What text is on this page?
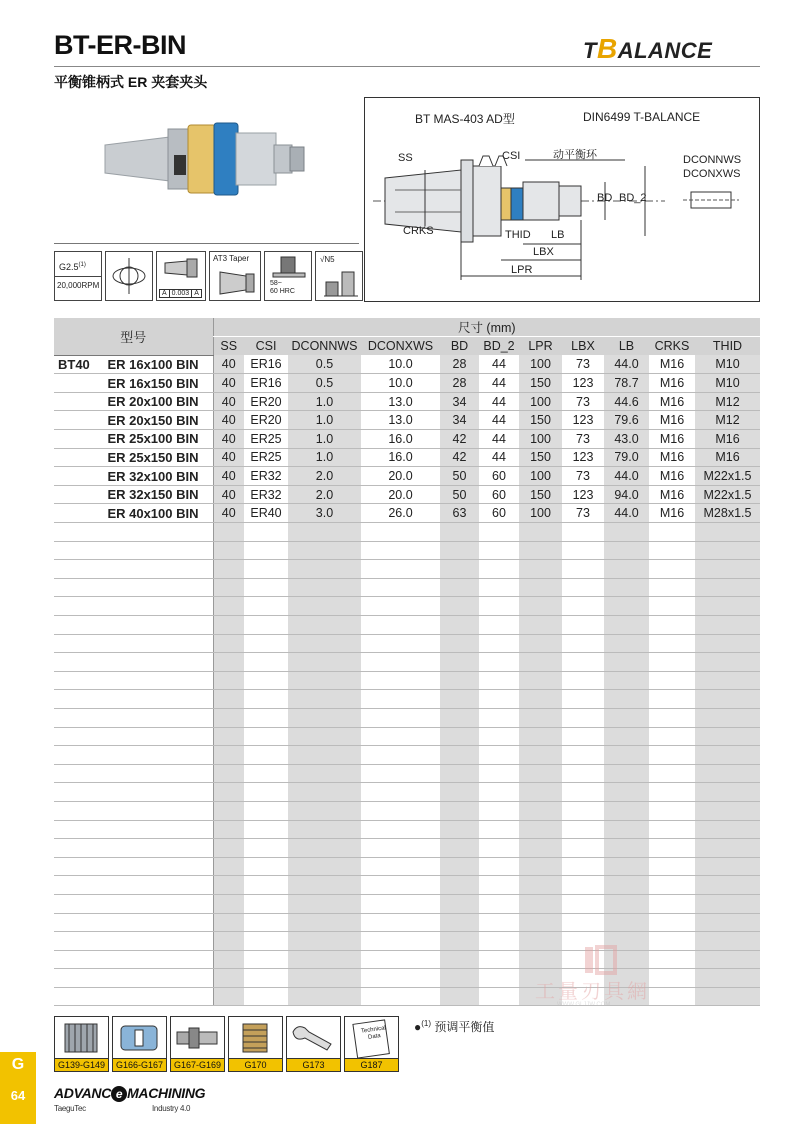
BT-ER-BIN	TBALANCE
平衡锥柄式 ER 夹套夹头
G2.5$^{(1)}$
20,000RPM
A 0.003 A
AT3 Taper
58~
60 HRC
√N5
BT MAS-403 AD型	DIN6499 T-BALANCE
SS	CSI	动平衡环
BD BD_2
CRKS	THID LB
LBX
LPR
DCONNWS
DCONXWS
型号	尺寸 (mm)										
	SS	CSI	DCONNWS	DCONXWS	BD	BD_2	LPR	LBX	LB	CRKS	THID

BT40 ER 16x100 BIN	40	ER16	0.5	10.0	28	44	100	73	44.0	M16	M10
ER 16x150 BIN	40	ER16	0.5	10.0	28	44	150	123	78.7	M16	M10
ER 20x100 BIN	40	ER20	1.0	13.0	34	44	100	73	44.6	M16	M12
ER 20x150 BIN	40	ER20	1.0	13.0	34	44	150	123	79.6	M16	M12
ER 25x100 BIN	40	ER25	1.0	16.0	42	44	100	73	43.0	M16	M16
ER 25x150 BIN	40	ER25	1.0	16.0	42	44	150	123	79.0	M16	M16
ER 32x100 BIN	40	ER32	2.0	20.0	50	60	100	73	44.0	M16	M22x1.5
ER 32x150 BIN	40	ER32	2.0	20.0	50	60	150	123	94.0	M16	M22x1.5
ER 40x100 BIN	40	ER40	3.0	26.0	63	60	100	73	44.0	M16	M28x1.5

工量刃具網
WWW.GLJJW.COM
●$^{(1)}$ 预调平衡值
G139-G149	G166-G167	G167-G169	G170	G173
Technical Data
G187
G
64	ADVANC e MACHINING
TaeguTec	Industry 4.0
